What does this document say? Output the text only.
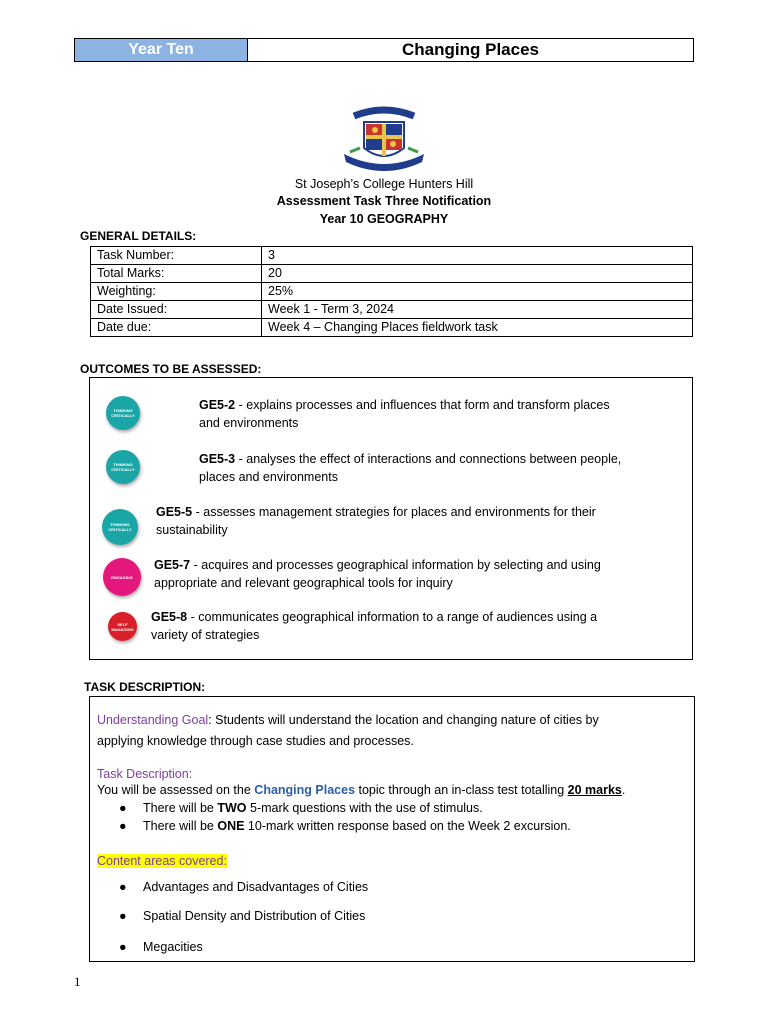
Year Ten	Changing Places
St Joseph’s College Hunters Hill
Assessment Task Three Notification
Year 10 GEOGRAPHY
GENERAL DETAILS:
Task Number:	3
Total Marks:	20
Weighting:	25%
Date Issued:	Week 1 - Term 3, 2024
Date due:	Week 4 – Changing Places fieldwork task
OUTCOMES TO BE ASSESSED:
THINKING CRITICALLY
GE5-2 - explains processes and influences that form and transform places
and environments
THINKING CRITICALLY
GE5-3 - analyses the effect of interactions and connections between people,
places and environments
THINKING CRITICALLY
GE5-5 - assesses management strategies for places and environments for their
sustainability
ENGAGING
GE5-7 - acquires and processes geographical information by selecting and using
appropriate and relevant geographical tools for inquiry
SELF MANAGING
GE5-8 - communicates geographical information to a range of audiences using a
variety of strategies
TASK DESCRIPTION:
Understanding Goal: Students will understand the location and changing nature of cities by
applying knowledge through case studies and processes.
Task Description:
You will be assessed on the Changing Places topic through an in-class test totalling 20 marks.
● There will be TWO 5-mark questions with the use of stimulus.
● There will be ONE 10-mark written response based on the Week 2 excursion.
Content areas covered:
● Advantages and Disadvantages of Cities
● Spatial Density and Distribution of Cities
● Megacities
1
